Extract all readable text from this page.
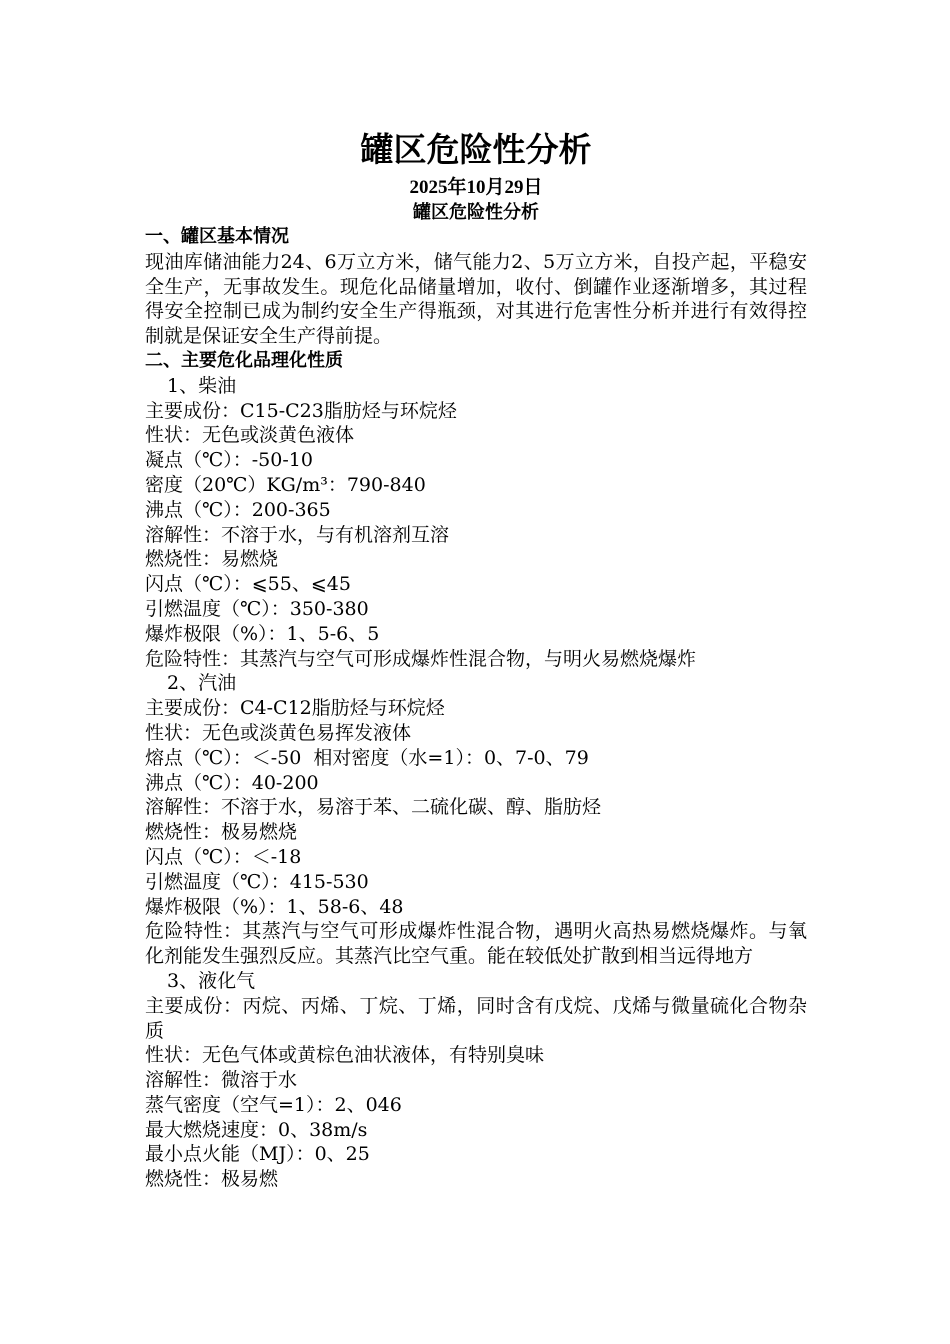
罐区危险性分析
2025年10月29日
罐区危险性分析
一、罐区基本情况
现油库储油能力24、6万立方米，储气能力2、5万立方米，自投产起，平稳安全生产，无事故发生。现危化品储量增加，收付、倒罐作业逐渐增多，其过程得安全控制已成为制约安全生产得瓶颈，对其进行危害性分析并进行有效得控制就是保证安全生产得前提。
二、主要危化品理化性质
1、柴油
主要成份：C15-C23脂肪烃与环烷烃
性状：无色或淡黄色液体
凝点（℃）：-50-10
密度（20℃）KG/m³：790-840
沸点（℃）：200-365
溶解性：不溶于水，与有机溶剂互溶
燃烧性：易燃烧
闪点（℃）：⩽55、⩽45
引燃温度（℃）：350-380
爆炸极限（%）：1、5-6、5
危险特性：其蒸汽与空气可形成爆炸性混合物，与明火易燃烧爆炸
2、汽油
主要成份：C4-C12脂肪烃与环烷烃
性状：无色或淡黄色易挥发液体
熔点（℃）：＜-50  相对密度（水=1）：0、7-0、79
沸点（℃）：40-200
溶解性：不溶于水，易溶于苯、二硫化碳、醇、脂肪烃
燃烧性：极易燃烧
闪点（℃）：＜-18
引燃温度（℃）：415-530
爆炸极限（%）：1、58-6、48
危险特性：其蒸汽与空气可形成爆炸性混合物，遇明火高热易燃烧爆炸。与氧化剂能发生强烈反应。其蒸汽比空气重。能在较低处扩散到相当远得地方
3、液化气
主要成份：丙烷、丙烯、丁烷、丁烯，同时含有戊烷、戊烯与微量硫化合物杂质
性状：无色气体或黄棕色油状液体，有特别臭味
溶解性：微溶于水
蒸气密度（空气=1）：2、046
最大燃烧速度：0、38m/s
最小点火能（MJ）：0、25
燃烧性：极易燃
